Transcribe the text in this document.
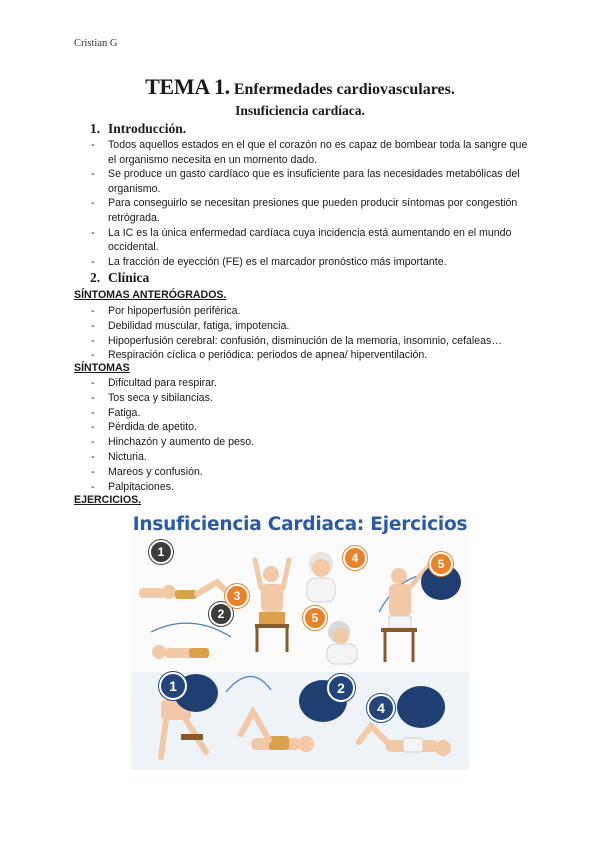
Cristian G
TEMA 1. Enfermedades cardiovasculares.
Insuficiencia cardíaca.
1. Introducción.
- Todos aquellos estados en el que el corazón no es capaz de bombear toda la sangre que el organismo necesita en un momento dado.
- Se produce un gasto cardíaco que es insuficiente para las necesidades metabólicas del organismo.
- Para conseguirlo se necesitan presiones que pueden producir síntomas por congestión retrógrada.
- La IC es la única enfermedad cardíaca cuya incidencia está aumentando en el mundo occidental.
- La fracción de eyección (FE) es el marcador pronóstico más importante.
2. Clínica
SÍNTOMAS ANTERÓGRADOS.
- Por hipoperfusión periférica.
- Debilidad muscular, fatiga, impotencia.
- Hipoperfusión cerebral: confusión, disminución de la memoria, insomnio, cefaleas…
- Respiración cíclica o periódica: periodos de apnea/ hiperventilación.
SÍNTOMAS
- Dificultad para respirar.
- Tos seca y sibilancias.
- Fatiga.
- Pérdida de apetito.
- Hinchazón y aumento de peso.
- Nicturia.
- Mareos y confusión.
- Palpitaciones.
EJERCICIOS.
Insuficiencia Cardiaca: Ejercicios
1
2
3
4
5
5
1	2
4
